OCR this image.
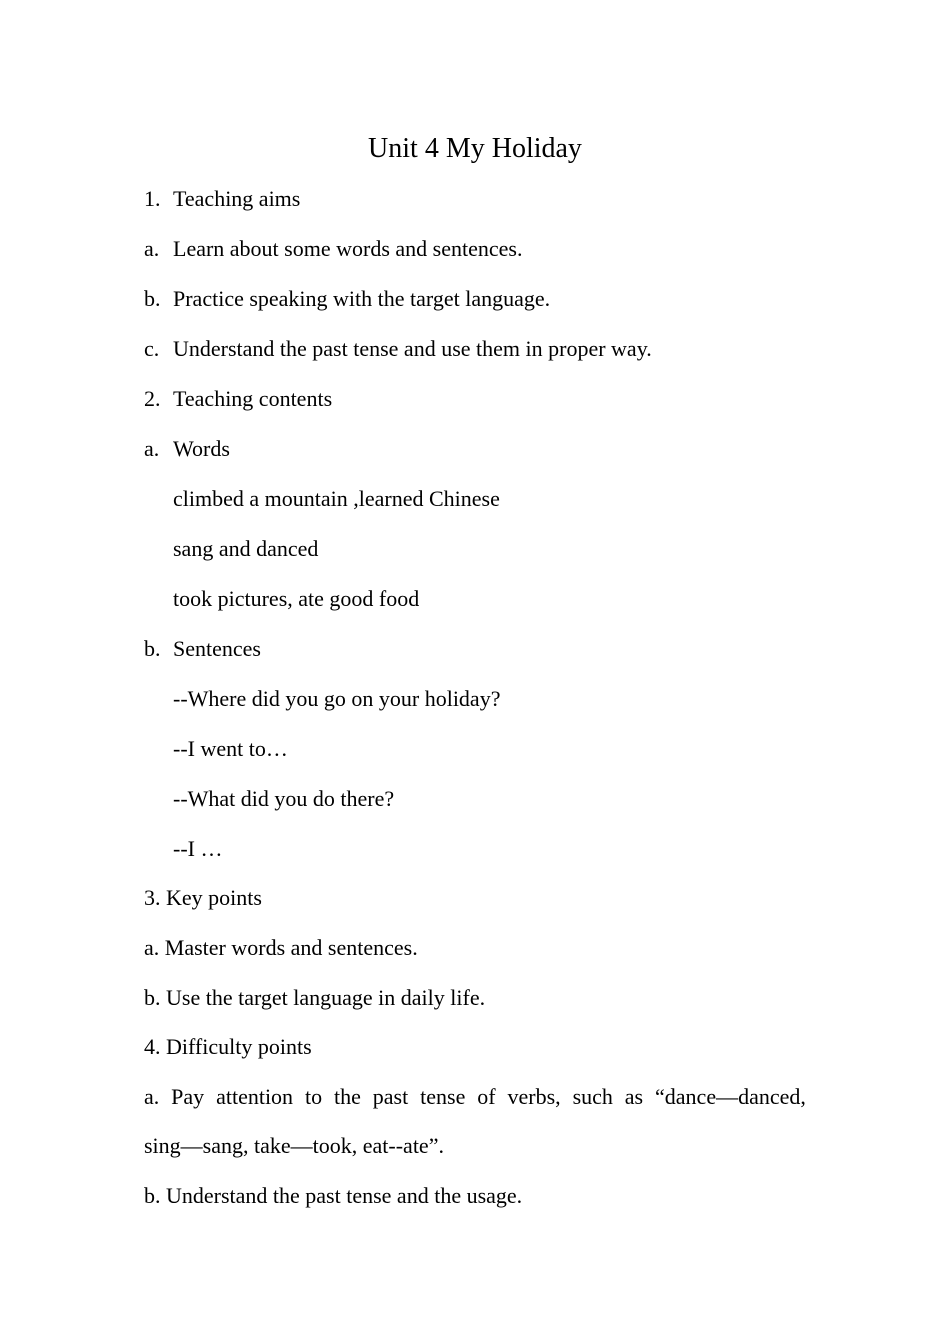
Unit 4 My Holiday
1. Teaching aims
a. Learn about some words and sentences.
b. Practice speaking with the target language.
c. Understand the past tense and use them in proper way.
2. Teaching contents
a. Words
climbed a mountain ,learned Chinese
sang and danced
took pictures, ate good food
b. Sentences
--Where did you go on your holiday?
--I went to…
--What did you do there?
--I …
3. Key points
a. Master words and sentences.
b. Use the target language in daily life.
4. Difficulty points
a. Pay attention to the past tense of verbs, such as “dance—danced,
sing—sang, take—took, eat--ate”.
b. Understand the past tense and the usage.
